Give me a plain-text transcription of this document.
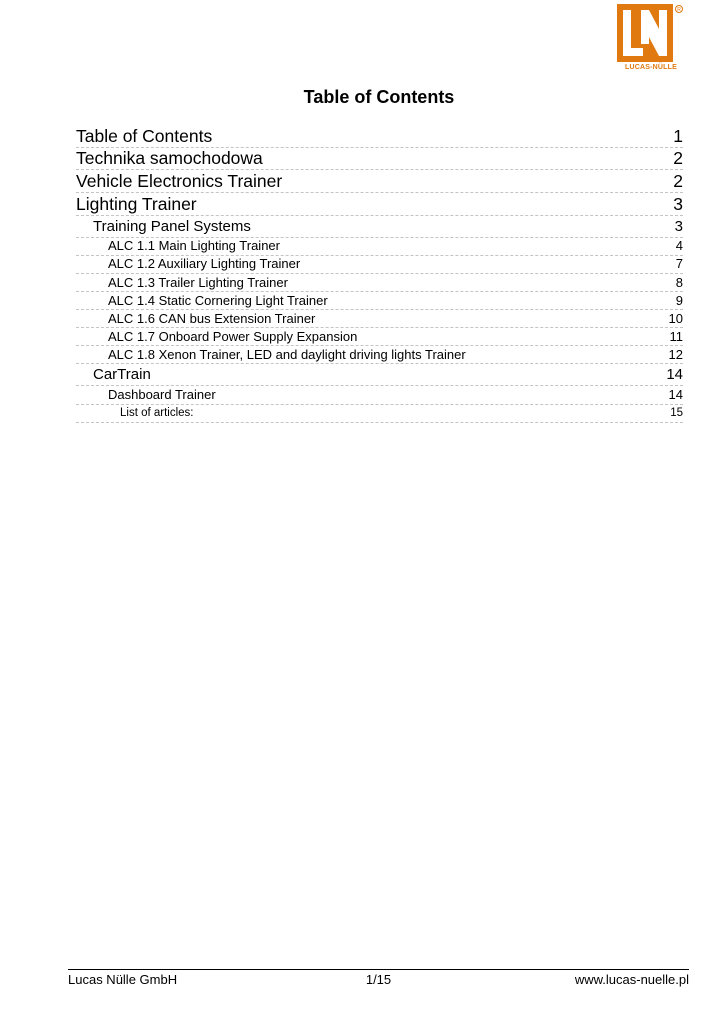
R
LUCAS-NÜLLE
Table of Contents
Table of Contents	1
Technika samochodowa	2
Vehicle Electronics Trainer	2
Lighting Trainer	3
Training Panel Systems	3
ALC 1.1 Main Lighting Trainer	4
ALC 1.2 Auxiliary Lighting Trainer	7
ALC 1.3 Trailer Lighting Trainer	8
ALC 1.4 Static Cornering Light Trainer	9
ALC 1.6 CAN bus Extension Trainer	10
ALC 1.7 Onboard Power Supply Expansion	11
ALC 1.8 Xenon Trainer, LED and daylight driving lights Trainer	12
CarTrain	14
Dashboard Trainer	14
List of articles:	15
Lucas Nülle GmbH	1/15	www.lucas-nuelle.pl
